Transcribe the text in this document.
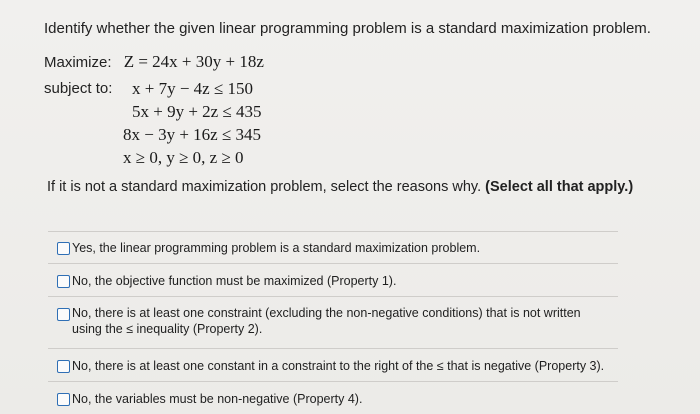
Identify whether the given linear programming problem is a standard maximization problem.
Maximize: Z = 24x + 30y + 18z
subject to: x + 7y − 4z ≤ 150
5x + 9y + 2z ≤ 435
8x − 3y + 16z ≤ 345
x ≥ 0, y ≥ 0, z ≥ 0
If it is not a standard maximization problem, select the reasons why. (Select all that apply.)
Yes, the linear programming problem is a standard maximization problem.
No, the objective function must be maximized (Property 1).
No, there is at least one constraint (excluding the non-negative conditions) that is not written using the ≤ inequality (Property 2).
No, there is at least one constant in a constraint to the right of the ≤ that is negative (Property 3).
No, the variables must be non-negative (Property 4).
